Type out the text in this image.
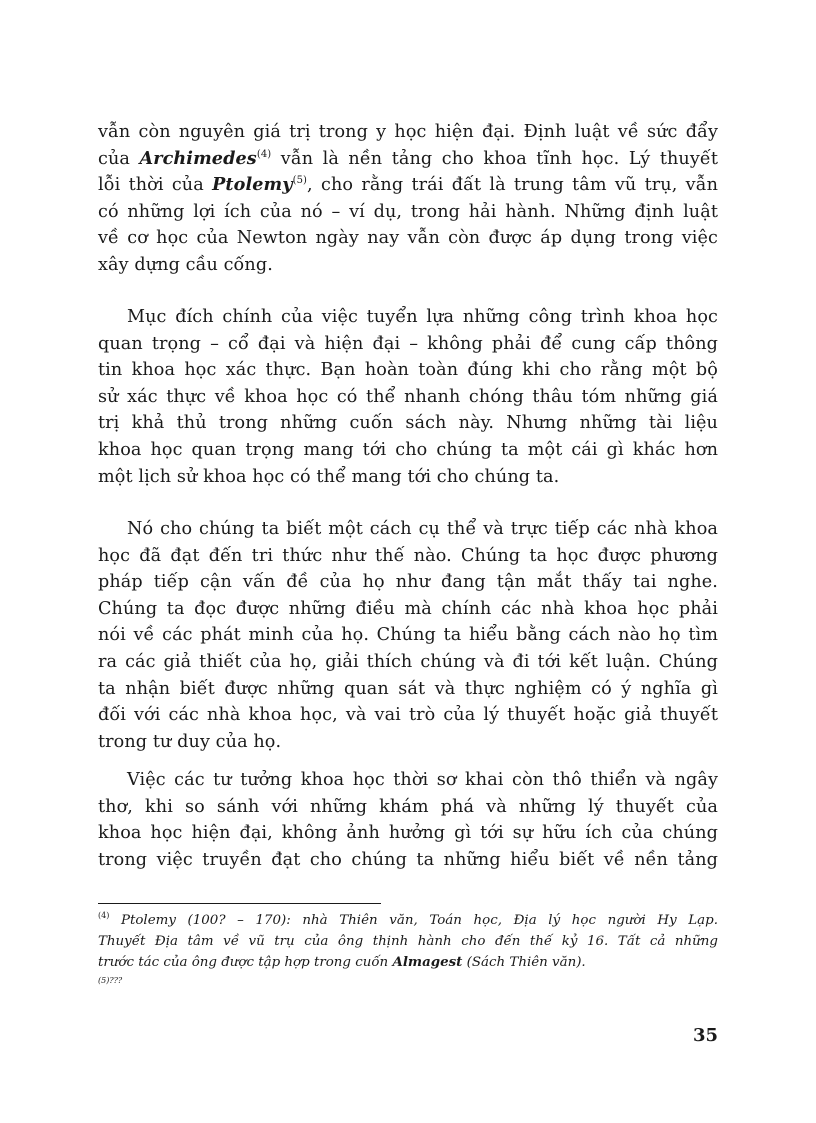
vẫn còn nguyên giá trị trong y học hiện đại. Định luật về sức đẩy
của Archimedes$^{(4)}$ vẫn là nền tảng cho khoa tĩnh học. Lý thuyết
lỗi thời của Ptolemy$^{(5)}$, cho rằng trái đất là trung tâm vũ trụ, vẫn
có những lợi ích của nó – ví dụ, trong hải hành. Những định luật
về cơ học của Newton ngày nay vẫn còn được áp dụng trong việc
xây dựng cầu cống.
Mục đích chính của việc tuyển lựa những công trình khoa học
quan trọng – cổ đại và hiện đại – không phải để cung cấp thông
tin khoa học xác thực. Bạn hoàn toàn đúng khi cho rằng một bộ
sử xác thực về khoa học có thể nhanh chóng thâu tóm những giá
trị khả thủ trong những cuốn sách này. Nhưng những tài liệu
khoa học quan trọng mang tới cho chúng ta một cái gì khác hơn
một lịch sử khoa học có thể mang tới cho chúng ta.
Nó cho chúng ta biết một cách cụ thể và trực tiếp các nhà khoa
học đã đạt đến tri thức như thế nào. Chúng ta học được phương
pháp tiếp cận vấn đề của họ như đang tận mắt thấy tai nghe.
Chúng ta đọc được những điều mà chính các nhà khoa học phải
nói về các phát minh của họ. Chúng ta hiểu bằng cách nào họ tìm
ra các giả thiết của họ, giải thích chúng và đi tới kết luận. Chúng
ta nhận biết được những quan sát và thực nghiệm có ý nghĩa gì
đối với các nhà khoa học, và vai trò của lý thuyết hoặc giả thuyết
trong tư duy của họ.
Việc các tư tưởng khoa học thời sơ khai còn thô thiển và ngây
thơ, khi so sánh với những khám phá và những lý thuyết của
khoa học hiện đại, không ảnh hưởng gì tới sự hữu ích của chúng
trong việc truyền đạt cho chúng ta những hiểu biết về nền tảng
$^{(4)}$ Ptolemy (100? – 170): nhà Thiên văn, Toán học, Địa lý học người Hy Lạp.
Thuyết Địa tâm về vũ trụ của ông thịnh hành cho đến thế kỷ 16. Tất cả những
trước tác của ông được tập hợp trong cuốn Almagest (Sách Thiên văn).
(5)???
35
